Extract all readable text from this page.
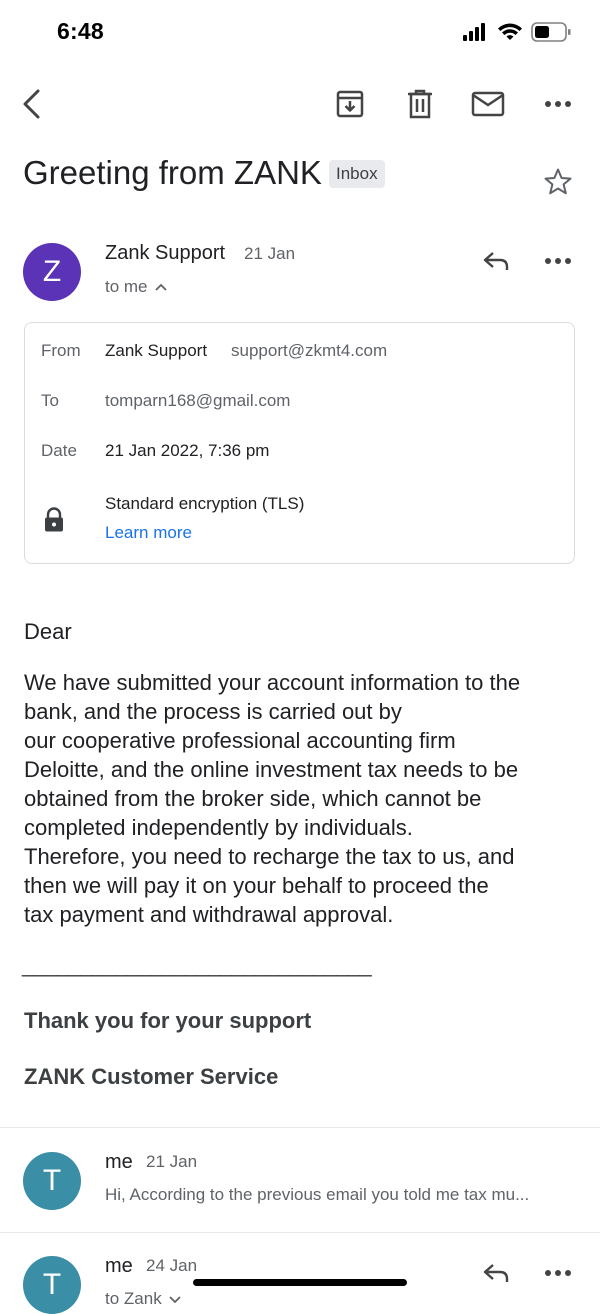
6:48
Greeting from ZANK Inbox
Z
Zank Support 21 Jan
to me
From Zank Support support@zkmt4.com
To	tomparn168@gmail.com
Date 21 Jan 2022, 7:36 pm
Standard encryption (TLS)
Learn more
Dear
We have submitted your account information to the
bank, and the process is carried out by
our cooperative professional accounting firm
Deloitte, and the online investment tax needs to be
obtained from the broker side, which cannot be
completed independently by individuals.
Therefore, you need to recharge the tax to us, and
then we will pay it on your behalf to proceed the
tax payment and withdrawal approval.
______________________________
Thank you for your support
ZANK Customer Service
T
me 21 Jan
Hi, According to the previous email you told me tax mu...
T
me 24 Jan
to Zank
